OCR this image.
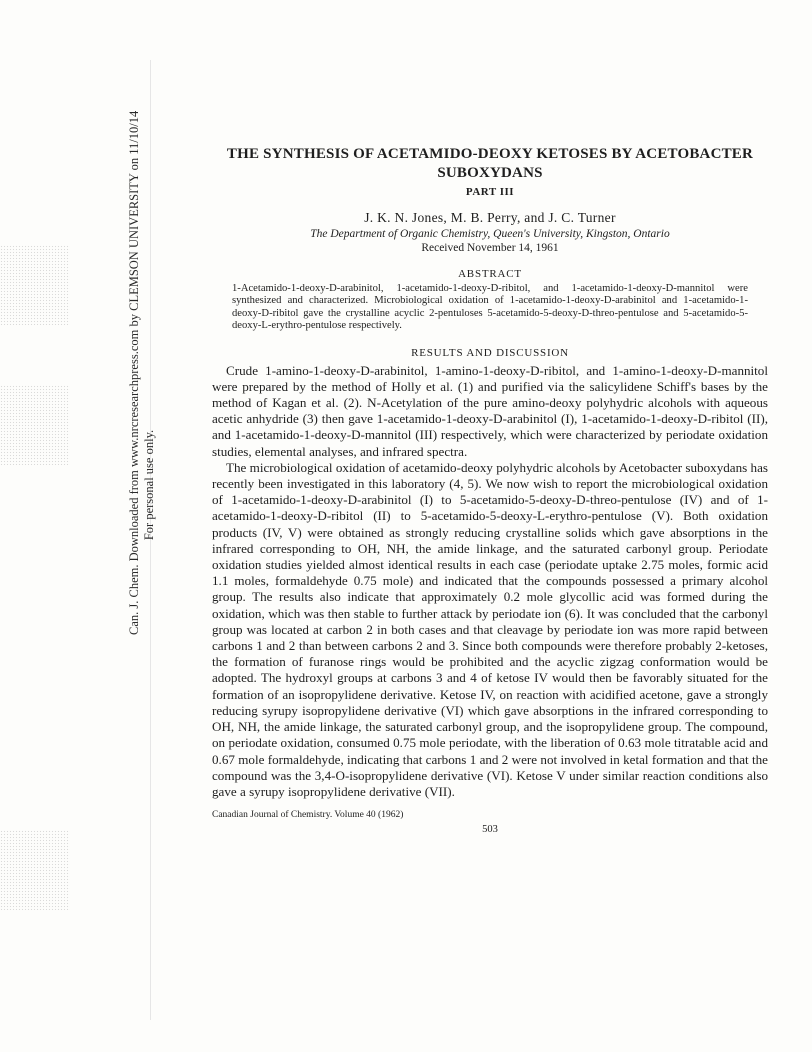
Can. J. Chem. Downloaded from www.nrcresearchpress.com by CLEMSON UNIVERSITY on 11/10/14 For personal use only.
THE SYNTHESIS OF ACETAMIDO-DEOXY KETOSES BY ACETOBACTER SUBOXYDANS
PART III
J. K. N. Jones, M. B. Perry, and J. C. Turner
The Department of Organic Chemistry, Queen's University, Kingston, Ontario
Received November 14, 1961
ABSTRACT
1-Acetamido-1-deoxy-D-arabinitol, 1-acetamido-1-deoxy-D-ribitol, and 1-acetamido-1-deoxy-D-mannitol were synthesized and characterized. Microbiological oxidation of 1-acetamido-1-deoxy-D-arabinitol and 1-acetamido-1-deoxy-D-ribitol gave the crystalline acyclic 2-pentuloses 5-acetamido-5-deoxy-D-threo-pentulose and 5-acetamido-5-deoxy-L-erythro-pentulose respectively.
RESULTS AND DISCUSSION

Crude 1-amino-1-deoxy-D-arabinitol, 1-amino-1-deoxy-D-ribitol, and 1-amino-1-deoxy-D-mannitol were prepared by the method of Holly et al. (1) and purified via the salicylidene Schiff's bases by the method of Kagan et al. (2). N-Acetylation of the pure amino-deoxy polyhydric alcohols with aqueous acetic anhydride (3) then gave 1-acetamido-1-deoxy-D-arabinitol (I), 1-acetamido-1-deoxy-D-ribitol (II), and 1-acetamido-1-deoxy-D-mannitol (III) respectively, which were characterized by periodate oxidation studies, elemental analyses, and infrared spectra.

The microbiological oxidation of acetamido-deoxy polyhydric alcohols by Acetobacter suboxydans has recently been investigated in this laboratory (4, 5). We now wish to report the microbiological oxidation of 1-acetamido-1-deoxy-D-arabinitol (I) to 5-acetamido-5-deoxy-D-threo-pentulose (IV) and of 1-acetamido-1-deoxy-D-ribitol (II) to 5-acetamido-5-deoxy-L-erythro-pentulose (V). Both oxidation products (IV, V) were obtained as strongly reducing crystalline solids which gave absorptions in the infrared corresponding to OH, NH, the amide linkage, and the saturated carbonyl group. Periodate oxidation studies yielded almost identical results in each case (periodate uptake 2.75 moles, formic acid 1.1 moles, formaldehyde 0.75 mole) and indicated that the compounds possessed a primary alcohol group. The results also indicate that approximately 0.2 mole glycollic acid was formed during the oxidation, which was then stable to further attack by periodate ion (6). It was concluded that the carbonyl group was located at carbon 2 in both cases and that cleavage by periodate ion was more rapid between carbons 1 and 2 than between carbons 2 and 3. Since both compounds were therefore probably 2-ketoses, the formation of furanose rings would be prohibited and the acyclic zigzag conformation would be adopted. The hydroxyl groups at carbons 3 and 4 of ketose IV would then be favorably situated for the formation of an isopropylidene derivative. Ketose IV, on reaction with acidified acetone, gave a strongly reducing syrupy isopropylidene derivative (VI) which gave absorptions in the infrared corresponding to OH, NH, the amide linkage, the saturated carbonyl group, and the isopropylidene group. The compound, on periodate oxidation, consumed 0.75 mole periodate, with the liberation of 0.63 mole titratable acid and 0.67 mole formaldehyde, indicating that carbons 1 and 2 were not involved in ketal formation and that the compound was the 3,4-O-isopropylidene derivative (VI). Ketose V under similar reaction conditions also gave a syrupy isopropylidene derivative (VII).

Canadian Journal of Chemistry. Volume 40 (1962)
503
